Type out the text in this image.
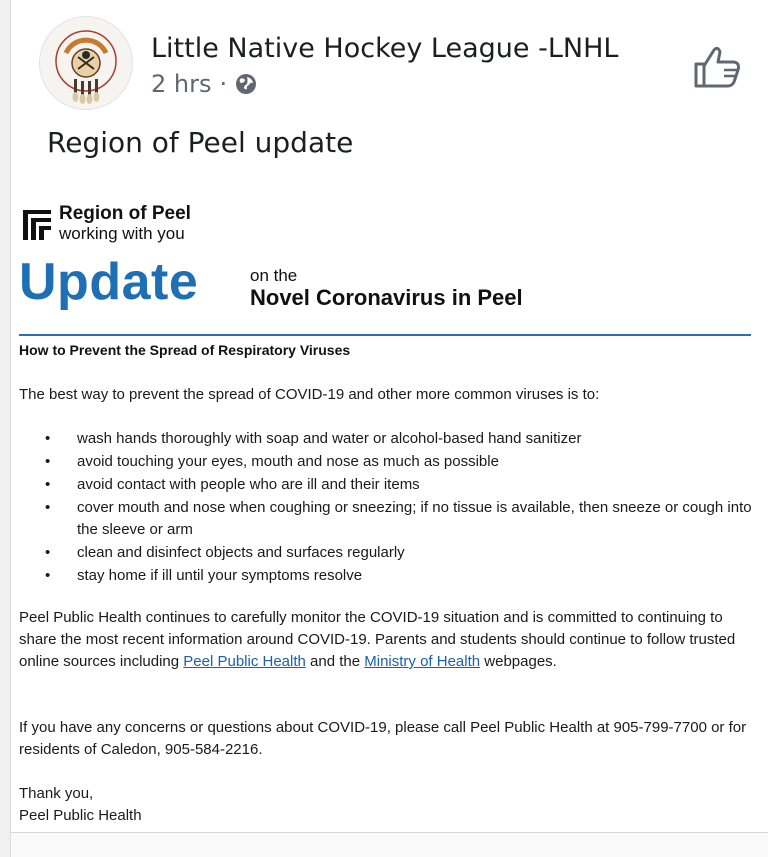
Little Native Hockey League -LNHL
2 hrs ·
Region of Peel update
Region of Peel
working with you
Update	on the
Novel Coronavirus in Peel
How to Prevent the Spread of Respiratory Viruses
The best way to prevent the spread of COVID-19 and other more common viruses is to:
• wash hands thoroughly with soap and water or alcohol-based hand sanitizer
• avoid touching your eyes, mouth and nose as much as possible
• avoid contact with people who are ill and their items
• cover mouth and nose when coughing or sneezing; if no tissue is available, then sneeze or cough into the sleeve or arm
• clean and disinfect objects and surfaces regularly
• stay home if ill until your symptoms resolve
Peel Public Health continues to carefully monitor the COVID-19 situation and is committed to continuing to share the most recent information around COVID-19. Parents and students should continue to follow trusted online sources including Peel Public Health and the Ministry of Health webpages.
If you have any concerns or questions about COVID-19, please call Peel Public Health at 905-799-7700 or for residents of Caledon, 905-584-2216.
Thank you,
Peel Public Health
